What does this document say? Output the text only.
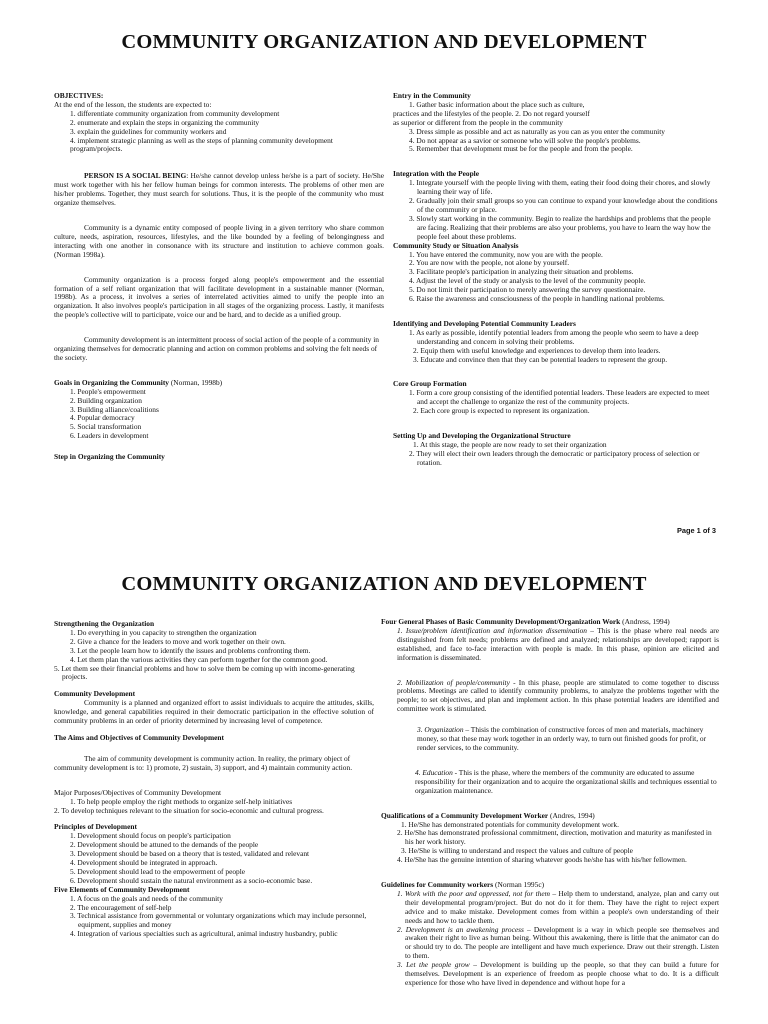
COMMUNITY ORGANIZATION AND DEVELOPMENT

OBJECTIVES:

At the end of the lesson, the students are expected to:

1. differentiate community organization from community development

2. enumerate and explain the steps in organizing the community

3. explain the guidelines for community workers and

4. implement strategic planning as well as the steps of planning community development program/projects.

PERSON IS A SOCIAL BEING: He/she cannot develop unless he/she is a part of society. He/She must work together with his her fellow human beings for common interests. The problems of other men are his/her problems. Together, they must search for solutions. Thus, it is the people of the community who must organize themselves.

Community is a dynamic entity composed of people living in a given territory who share common culture, needs, aspiration, resources, lifestyles, and the like bounded by a feeling of belongingness and interacting with one another in consonance with its structure and institution to achieve common goals. (Norman 1998a).

Community organization is a process forged along people's empowerment and the essential formation of a self reliant organization that will facilitate development in a sustainable manner (Norman, 1998b). As a process, it involves a series of interrelated activities aimed to unify the people into an organization. It also involves people's participation in all stages of the organizing process. Lastly, it manifests the people's collective will to participate, voice our and be hard, and to decide as a unified group.

Community development is an intermittent process of social action of the people of a community in organizing themselves for democratic planning and action on common problems and solving the felt needs of the society.

Goals in Organizing the Community (Norman, 1998b)

1. People's empowerment

2. Building organization

3. Building alliance/coalitions

4. Popular democracy

5. Social transformation

6. Leaders in development

Step in Organizing the Community

Entry in the Community

1. Gather basic information about the place such as culture,

practices and the lifestyles of the people. 2. Do not regard yourself

as superior or different from the people in the community

3. Dress simple as possible and act as naturally as you can as you enter the community

4. Do not appear as a savior or someone who will solve the people's problems.

5. Remember that development must be for the people and from the people.

Integration with the People

1. Integrate yourself with the people living with them, eating their food doing their chores, and slowly learning their way of life.

2. Gradually join their small groups so you can continue to expand your knowledge about the conditions of the community or place.

3. Slowly start working in the community. Begin to realize the hardships and problems that the people are facing. Realizing that their problems are also your problems, you have to learn the way how the people feel about these problems.

Community Study or Situation Analysis

1. You have entered the community, now you are with the people.

2. You are now with the people, not alone by yourself.

3. Facilitate people's participation in analyzing their situation and problems.

4. Adjust the level of the study or analysis to the level of the community people.

5. Do not limit their participation to merely answering the survey questionnaire.

6. Raise the awareness and consciousness of the people in handling national problems.

Identifying and Developing Potential Community Leaders

1. As early as possible, identify potential leaders from among the people who seem to have a deep understanding and concern in solving their problems.

2. Equip them with useful knowledge and experiences to develop them into leaders.

3. Educate and convince then that they can be potential leaders to represent the group.

Core Group Formation

1. Form a core group consisting of the identified potential leaders. These leaders are expected to meet and accept the challenge to organize the rest of the community projects.

2. Each core group is expected to represent its organization.

Setting Up and Developing the Organizational Structure

1. At this stage, the people are now ready to set their organization

2. They will elect their own leaders through the democratic or participatory process of selection or rotation.

Page 1 of 3
COMMUNITY ORGANIZATION AND DEVELOPMENT

Strengthening the Organization

1. Do everything in you capacity to strengthen the organization

2. Give a chance for the leaders to move and work together on their own.

3. Let the people learn how to identify the issues and problems confronting them.

4. Let them plan the various activities they can perform together for the common good.

5. Let them see their financial problems and how to solve them be coming up with income-generating projects.

Community Development

Community is a planned and organized effort to assist individuals to acquire the attitudes, skills, knowledge, and general capabilities required in their democratic participation in the effective solution of community problems in an order of priority determined by increasing level of competence.

The Aims and Objectives of Community Development

The aim of community development is community action. In reality, the primary object of community development is to: 1) promote, 2) sustain, 3) support, and 4) maintain community action.

Major Purposes/Objectives of Community Development

1. To help people employ the right methods to organize self-help initiatives

2. To develop techniques relevant to the situation for socio-economic and cultural progress.

Principles of Development

1. Development should focus on people's participation

2. Development should be attuned to the demands of the people

3. Development should be based on a theory that is tested, validated and relevant

4. Development should be integrated in approach.

5. Development should lead to the empowerment of people

6. Development should sustain the natural environment as a socio-economic base.

Five Elements of Community Development

1. A focus on the goals and needs of the community

2. The encouragement of self-help

3. Technical assistance from governmental or voluntary organizations which may include personnel, equipment, supplies and money

4. Integration of various specialties such as agricultural, animal industry husbandry, public

Four General Phases of Basic Community Development/Organization Work (Andress, 1994)

1. Issue/problem identification and information dissemination – This is the phase where real needs are distinguished from felt needs; problems are defined and analyzed; relationships are developed; rapport is established, and face to-face interaction with people is made. In this phase, opinion are elicited and information is disseminated.

2. Mobilization of people/community - In this phase, people are stimulated to come together to discuss problems. Meetings are called to identify community problems, to analyze the problems together with the people; to set objectives, and plan and implement action. In this phase potential leaders are identified and committee work is stimulated.

3. Organization – Thisis the combination of constructive forces of men and materials, machinery money, so that these may work together in an orderly way, to turn out finished goods for profit, or render services, to the community.

4. Education - This is the phase, where the members of the community are educated to assume responsibility for their organization and to acquire the organizational skills and techniques essential to organization maintenance.

Qualifications of a Community Development Worker (Andres, 1994)

1. He/She has demonstrated potentials for community development work.

2. He/She has demonstrated professional commitment, direction, motivation and maturity as manifested in his her work history.

3. He/She is willing to understand and respect the values and culture of people

4. He/She has the genuine intention of sharing whatever goods he/she has with his/her fellowmen.

Guidelines for Community workers (Norman 1995c)

1. Work with the poor and oppressed, not for them – Help them to understand, analyze, plan and carry out their developmental program/project. But do not do it for them. They have the right to reject expert advice and to make mistake. Development comes from within a people's own understanding of their needs and how to tackle them.

2. Development is an awakening process – Development is a way in which people see themselves and awaken their right to live as human being. Without this awakening, there is little that the animator can do or should try to do. The people are intelligent and have much experience. Draw out their strength. Listen to them.

3. Let the people grow – Development is building up the people, so that they can build a future for themselves. Development is an experience of freedom as people choose what to do. It is a difficult experience for those who have lived in dependence and without hope for a
